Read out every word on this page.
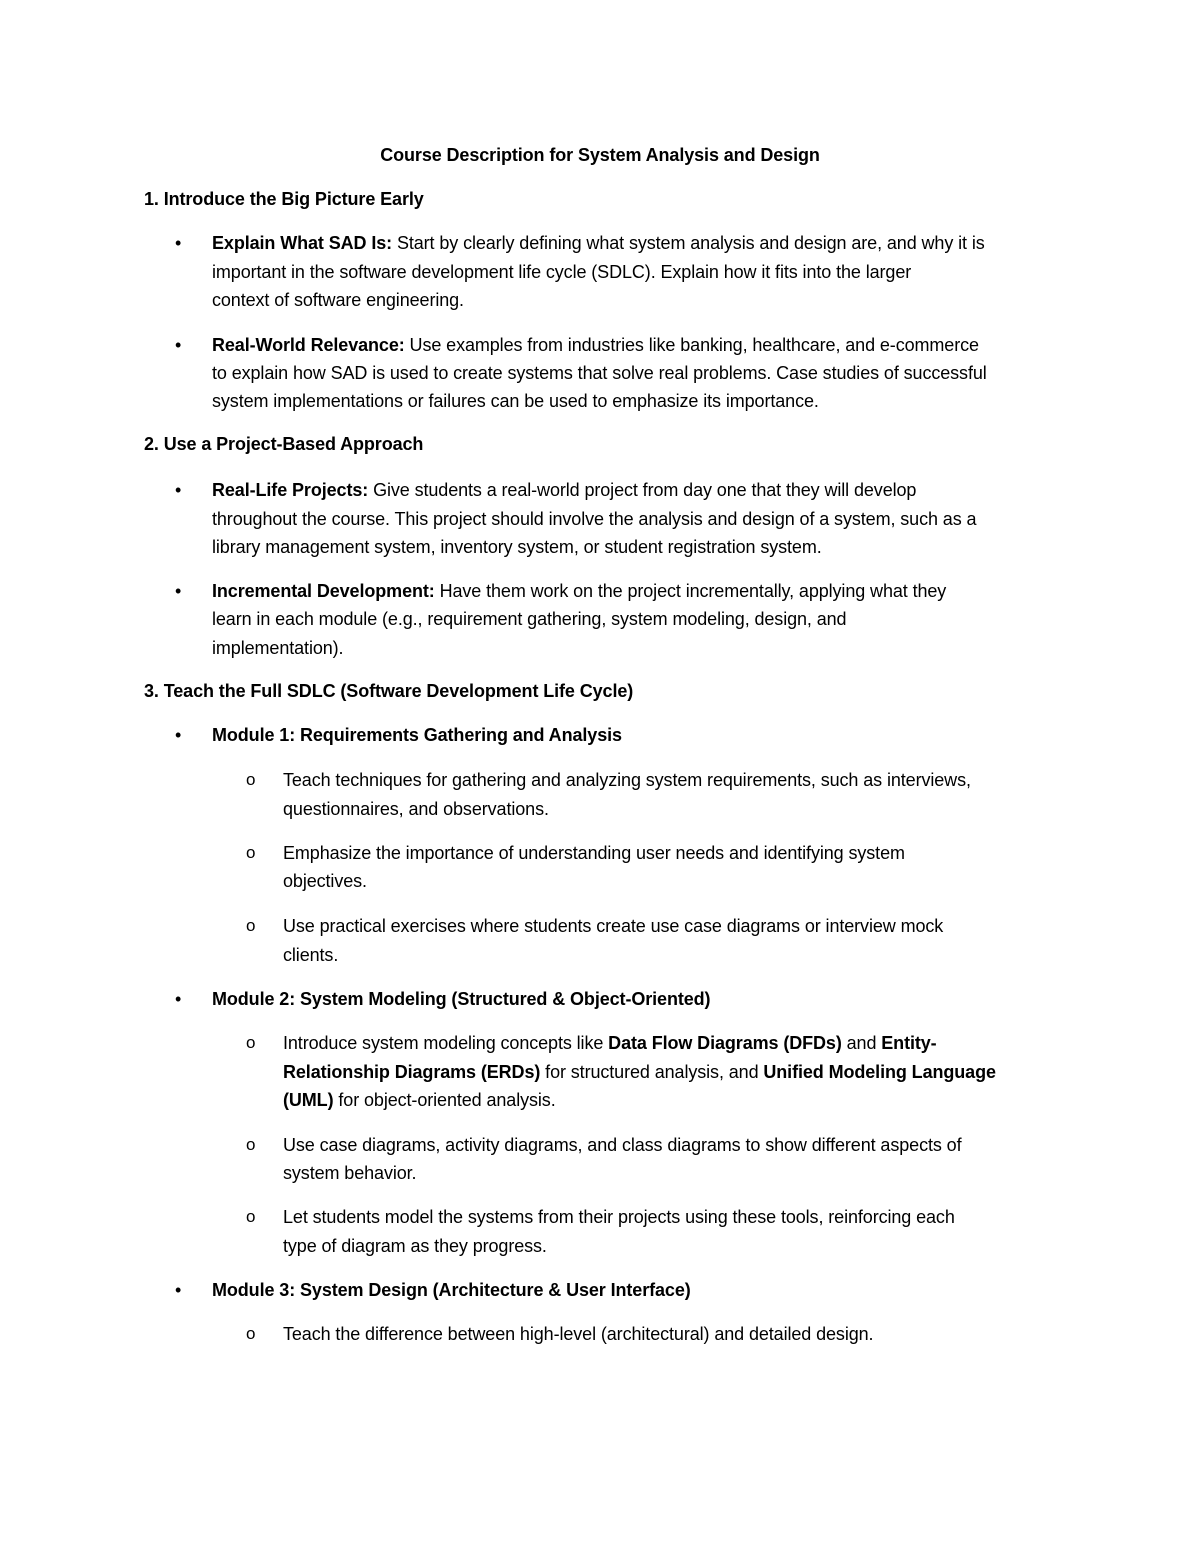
Course Description for System Analysis and Design
1. Introduce the Big Picture Early
• Explain What SAD Is: Start by clearly defining what system analysis and design are, and why it is
important in the software development life cycle (SDLC). Explain how it fits into the larger
context of software engineering.
• Real-World Relevance: Use examples from industries like banking, healthcare, and e-commerce
to explain how SAD is used to create systems that solve real problems. Case studies of successful
system implementations or failures can be used to emphasize its importance.
2. Use a Project-Based Approach
• Real-Life Projects: Give students a real-world project from day one that they will develop
throughout the course. This project should involve the analysis and design of a system, such as a
library management system, inventory system, or student registration system.
• Incremental Development: Have them work on the project incrementally, applying what they
learn in each module (e.g., requirement gathering, system modeling, design, and
implementation).
3. Teach the Full SDLC (Software Development Life Cycle)
• Module 1: Requirements Gathering and Analysis
o Teach techniques for gathering and analyzing system requirements, such as interviews,
questionnaires, and observations.
o Emphasize the importance of understanding user needs and identifying system
objectives.
o Use practical exercises where students create use case diagrams or interview mock
clients.
• Module 2: System Modeling (Structured & Object-Oriented)
o Introduce system modeling concepts like Data Flow Diagrams (DFDs) and Entity-
Relationship Diagrams (ERDs) for structured analysis, and Unified Modeling Language
(UML) for object-oriented analysis.
o Use case diagrams, activity diagrams, and class diagrams to show different aspects of
system behavior.
o Let students model the systems from their projects using these tools, reinforcing each
type of diagram as they progress.
• Module 3: System Design (Architecture & User Interface)
o Teach the difference between high-level (architectural) and detailed design.
